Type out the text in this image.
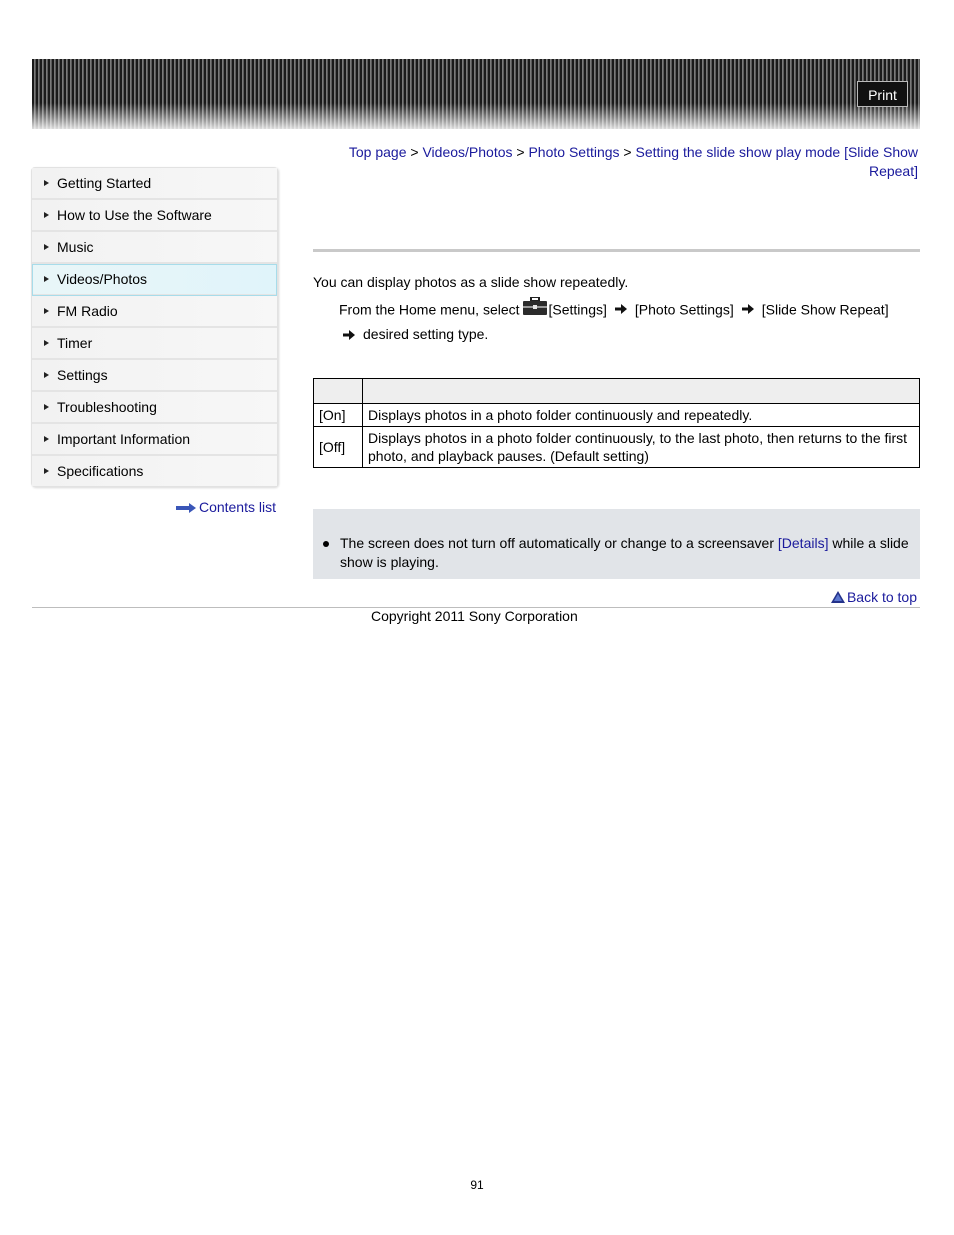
Print
Getting Started
How to Use the Software
Music
Videos/Photos
FM Radio
Timer
Settings
Troubleshooting
Important Information
Specifications
Contents list
Top page > Videos/Photos > Photo Settings > Setting the slide show play mode [Slide Show Repeat]
You can display photos as a slide show repeatedly.
From the Home menu, select [Settings] [Photo Settings] [Slide Show Repeat]
desired setting type.

[On]	Displays photos in a photo folder continuously and repeatedly.
[Off]	Displays photos in a photo folder continuously, to the last photo, then returns to the first photo, and playback pauses. (Default setting)
The screen does not turn off automatically or change to a screensaver [Details] while a slide show is playing.
Back to top
Copyright 2011 Sony Corporation
91
